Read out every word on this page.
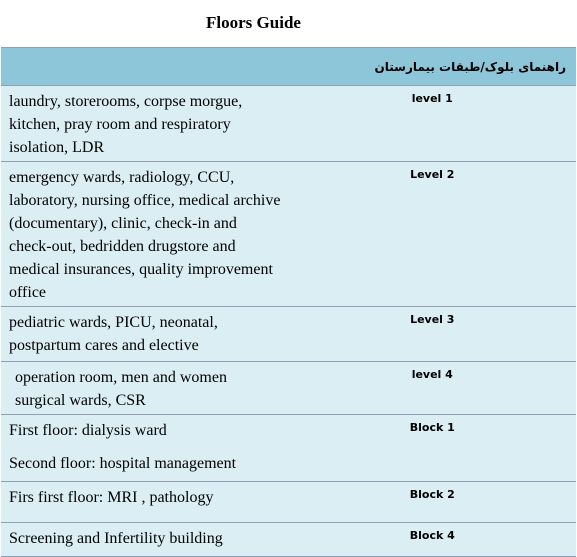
Floors Guide
راهنمای بلوک/طبقات بیمارستان	

laundry, storerooms, corpse morgue, kitchen, pray room and respiratory isolation, LDR	level 1

emergency wards, radiology, CCU, laboratory, nursing office, medical archive (documentary), clinic, check-in and check-out, bedridden drugstore and medical insurances, quality improvement office	Level 2

pediatric wards, PICU, neonatal, postpartum cares and elective	Level 3

operation room, men and women surgical wards, CSR	level 4

First floor: dialysis ward
Second floor: hospital management	Block 1

Firs first floor: MRI , pathology	Block 2

Screening and Infertility building	Block 4
